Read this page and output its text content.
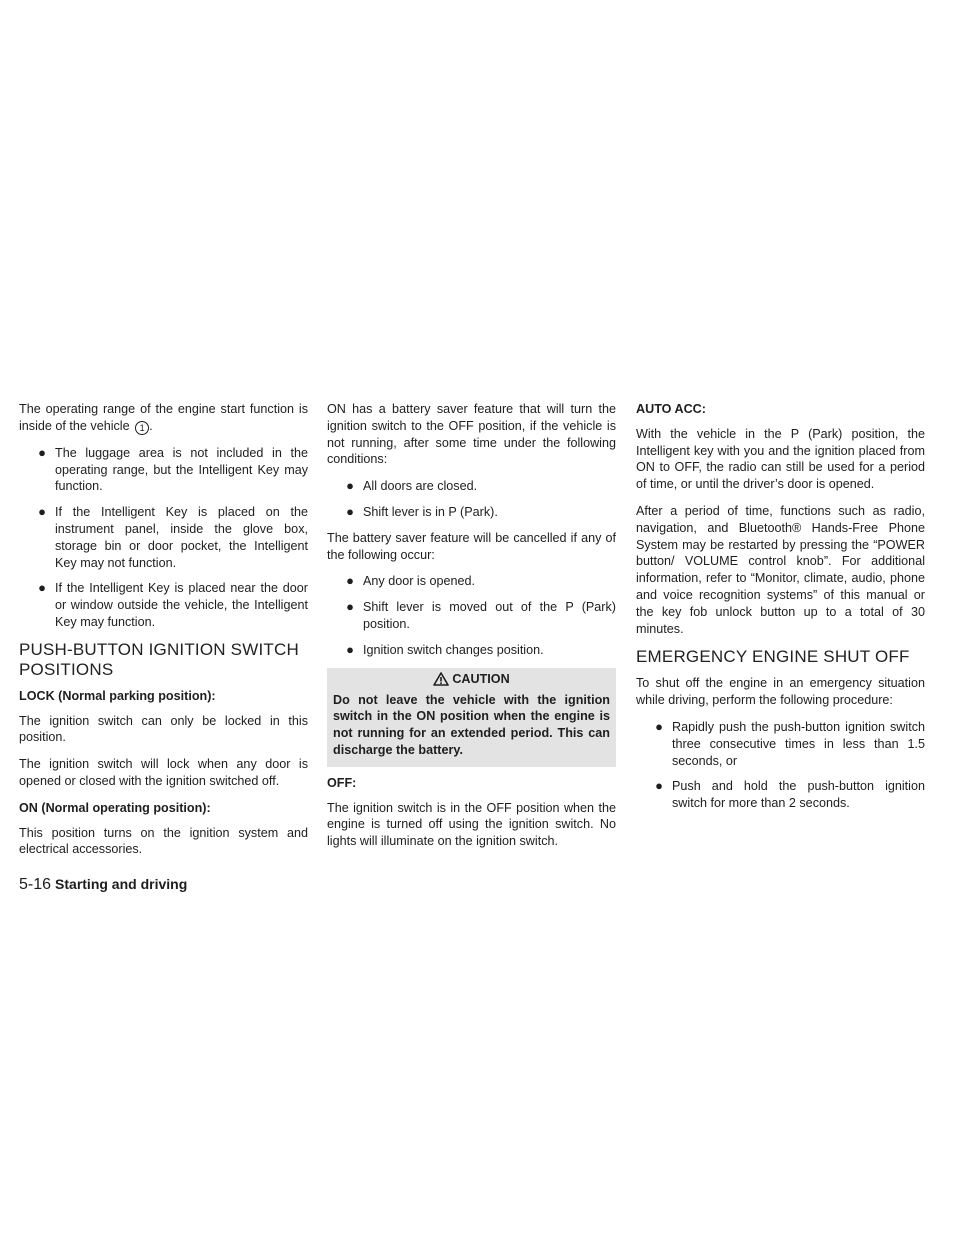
The operating range of the engine start function is inside of the vehicle 1 .

● The luggage area is not included in the operating range, but the Intelligent Key may function.
● If the Intelligent Key is placed on the instrument panel, inside the glove box, storage bin or door pocket, the Intelligent Key may not function.
● If the Intelligent Key is placed near the door or window outside the vehicle, the Intelligent Key may function.
PUSH-BUTTON IGNITION SWITCH
POSITIONS
LOCK (Normal parking position):

The ignition switch can only be locked in this position.

The ignition switch will lock when any door is opened or closed with the ignition switched off.

ON (Normal operating position):

This position turns on the ignition system and electrical accessories.

ON has a battery saver feature that will turn the ignition switch to the OFF position, if the vehicle is not running, after some time under the following conditions:

● All doors are closed.
● Shift lever is in P (Park).

The battery saver feature will be cancelled if any of the following occur:

● Any door is opened.
● Shift lever is moved out of the P (Park) position.
● Ignition switch changes position.
CAUTION
Do not leave the vehicle with the ignition switch in the ON position when the engine is not running for an extended period. This can discharge the battery.
OFF:

The ignition switch is in the OFF position when the engine is turned off using the ignition switch. No lights will illuminate on the ignition switch.

AUTO ACC:

With the vehicle in the P (Park) position, the Intelligent key with you and the ignition placed from ON to OFF, the radio can still be used for a period of time, or until the driver’s door is opened.

After a period of time, functions such as radio, navigation, and Bluetooth® Hands-Free Phone System may be restarted by pressing the “POWER button/ VOLUME control knob”. For additional information, refer to “Monitor, climate, audio, phone and voice recognition systems” of this manual or the key fob unlock button up to a total of 30 minutes.

EMERGENCY ENGINE SHUT OFF

To shut off the engine in an emergency situation while driving, perform the following procedure:

● Rapidly push the push-button ignition switch three consecutive times in less than 1.5 seconds, or
● Push and hold the push-button ignition switch for more than 2 seconds.
5-16 Starting and driving
